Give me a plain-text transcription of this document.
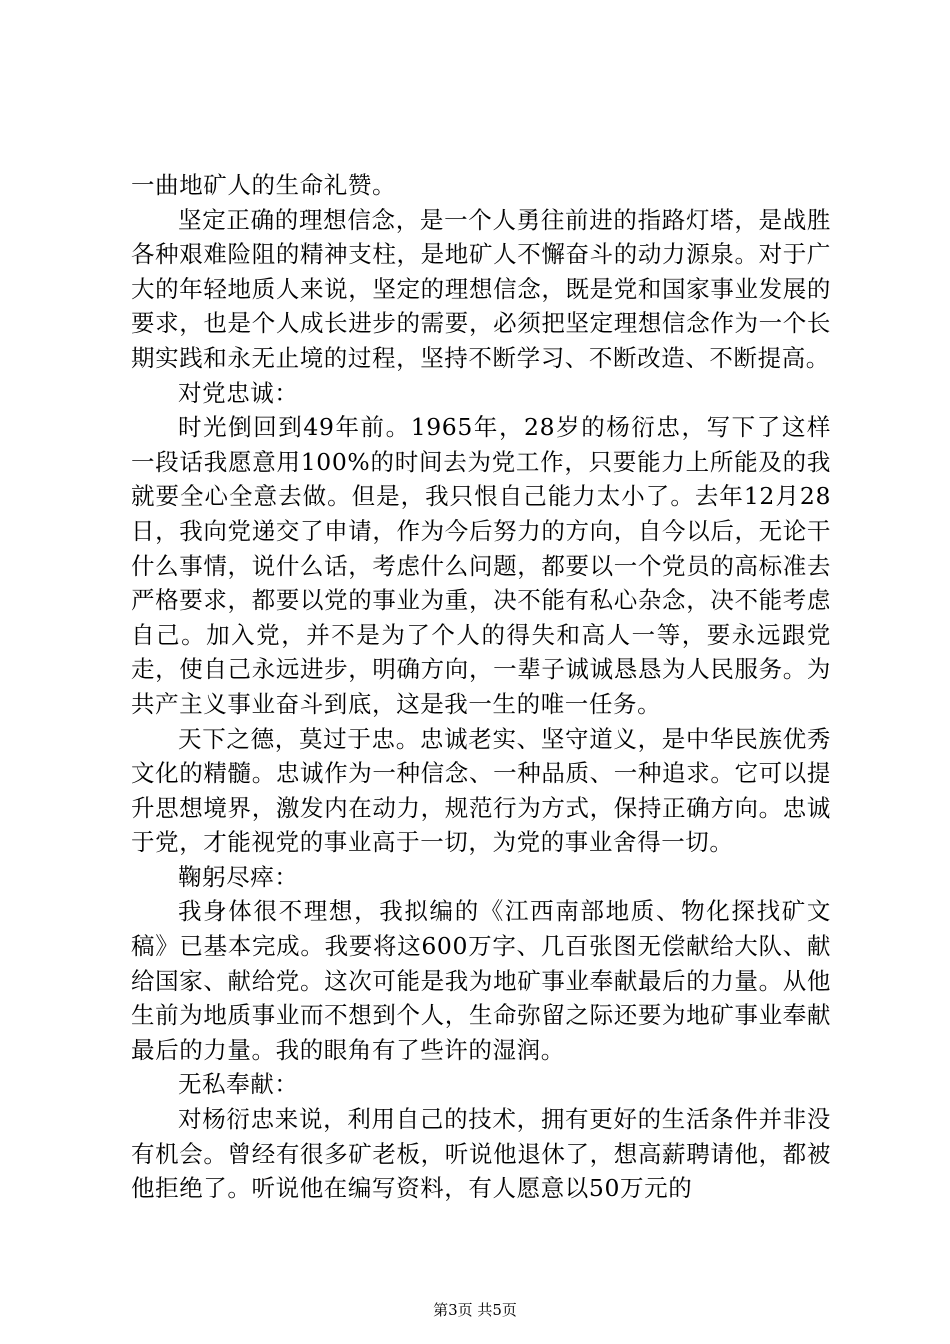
一曲地矿人的生命礼赞。

坚定正确的理想信念，是一个人勇往前进的指路灯塔，是战胜各种艰难险阻的精神支柱，是地矿人不懈奋斗的动力源泉。对于广大的年轻地质人来说，坚定的理想信念，既是党和国家事业发展的要求，也是个人成长进步的需要，必须把坚定理想信念作为一个长期实践和永无止境的过程，坚持不断学习、不断改造、不断提高。

对党忠诚：

时光倒回到49年前。1965年，28岁的杨衍忠，写下了这样一段话我愿意用100%的时间去为党工作，只要能力上所能及的我就要全心全意去做。但是，我只恨自己能力太小了。去年12月28日，我向党递交了申请，作为今后努力的方向，自今以后，无论干什么事情，说什么话，考虑什么问题，都要以一个党员的高标准去严格要求，都要以党的事业为重，决不能有私心杂念，决不能考虑自己。加入党，并不是为了个人的得失和高人一等，要永远跟党走，使自己永远进步，明确方向，一辈子诚诚恳恳为人民服务。为共产主义事业奋斗到底，这是我一生的唯一任务。

天下之德，莫过于忠。忠诚老实、坚守道义，是中华民族优秀文化的精髓。忠诚作为一种信念、一种品质、一种追求。它可以提升思想境界，激发内在动力，规范行为方式，保持正确方向。忠诚于党，才能视党的事业高于一切，为党的事业舍得一切。

鞠躬尽瘁：

我身体很不理想，我拟编的《江西南部地质、物化探找矿文稿》已基本完成。我要将这600万字、几百张图无偿献给大队、献给国家、献给党。这次可能是我为地矿事业奉献最后的力量。从他生前为地质事业而不想到个人，生命弥留之际还要为地矿事业奉献最后的力量。我的眼角有了些许的湿润。

无私奉献：

对杨衍忠来说，利用自己的技术，拥有更好的生活条件并非没有机会。曾经有很多矿老板，听说他退休了，想高薪聘请他，都被他拒绝了。听说他在编写资料，有人愿意以50万元的

第3页 共5页
